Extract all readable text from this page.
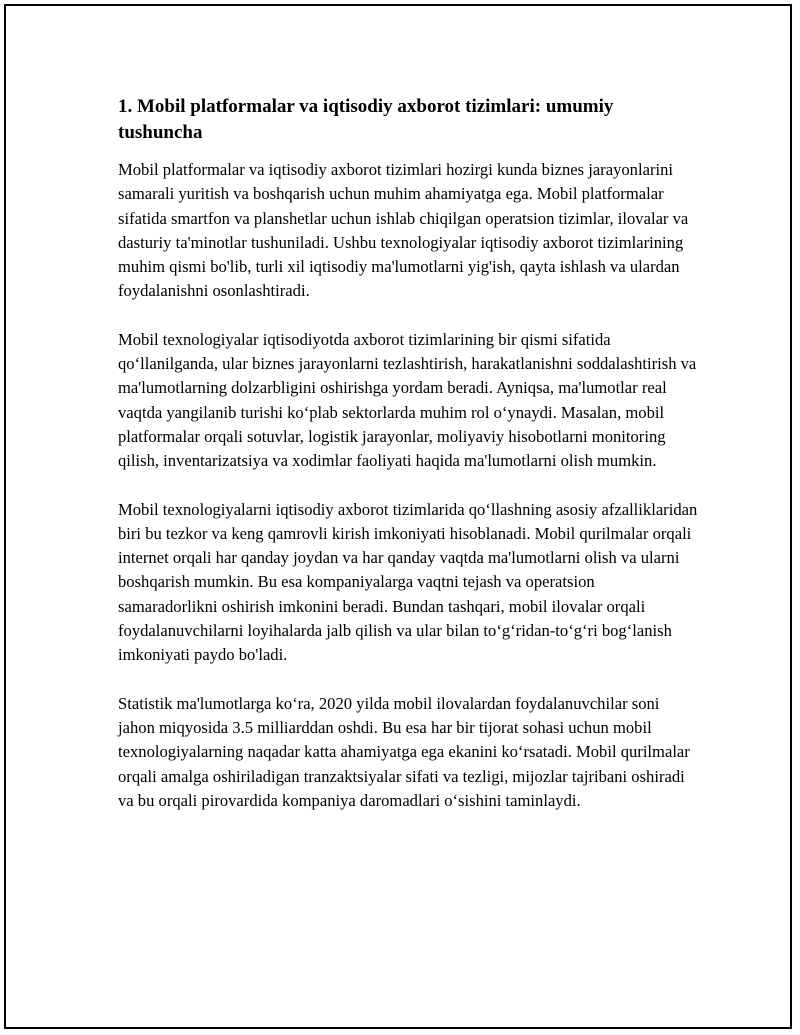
1. Mobil platformalar va iqtisodiy axborot tizimlari: umumiy tushuncha

Mobil platformalar va iqtisodiy axborot tizimlari hozirgi kunda biznes jarayonlarini samarali yuritish va boshqarish uchun muhim ahamiyatga ega. Mobil platformalar sifatida smartfon va planshetlar uchun ishlab chiqilgan operatsion tizimlar, ilovalar va dasturiy ta'minotlar tushuniladi. Ushbu texnologiyalar iqtisodiy axborot tizimlarining muhim qismi bo'lib, turli xil iqtisodiy ma'lumotlarni yig'ish, qayta ishlash va ulardan foydalanishni osonlashtiradi.

Mobil texnologiyalar iqtisodiyotda axborot tizimlarining bir qismi sifatida qo‘llanilganda, ular biznes jarayonlarni tezlashtirish, harakatlanishni soddalashtirish va ma'lumotlarning dolzarbligini oshirishga yordam beradi. Ayniqsa, ma'lumotlar real vaqtda yangilanib turishi ko‘plab sektorlarda muhim rol o‘ynaydi. Masalan, mobil platformalar orqali sotuvlar, logistik jarayonlar, moliyaviy hisobotlarni monitoring qilish, inventarizatsiya va xodimlar faoliyati haqida ma'lumotlarni olish mumkin.

Mobil texnologiyalarni iqtisodiy axborot tizimlarida qo‘llashning asosiy afzalliklaridan biri bu tezkor va keng qamrovli kirish imkoniyati hisoblanadi. Mobil qurilmalar orqali internet orqali har qanday joydan va har qanday vaqtda ma'lumotlarni olish va ularni boshqarish mumkin. Bu esa kompaniyalarga vaqtni tejash va operatsion samaradorlikni oshirish imkonini beradi. Bundan tashqari, mobil ilovalar orqali foydalanuvchilarni loyihalarda jalb qilish va ular bilan to‘g‘ridan-to‘g‘ri bog‘lanish imkoniyati paydo bo'ladi.

Statistik ma'lumotlarga ko‘ra, 2020 yilda mobil ilovalardan foydalanuvchilar soni jahon miqyosida 3.5 milliarddan oshdi. Bu esa har bir tijorat sohasi uchun mobil texnologiyalarning naqadar katta ahamiyatga ega ekanini ko‘rsatadi. Mobil qurilmalar orqali amalga oshiriladigan tranzaktsiyalar sifati va tezligi, mijozlar tajribani oshiradi va bu orqali pirovardida kompaniya daromadlari o‘sishini taminlaydi.
